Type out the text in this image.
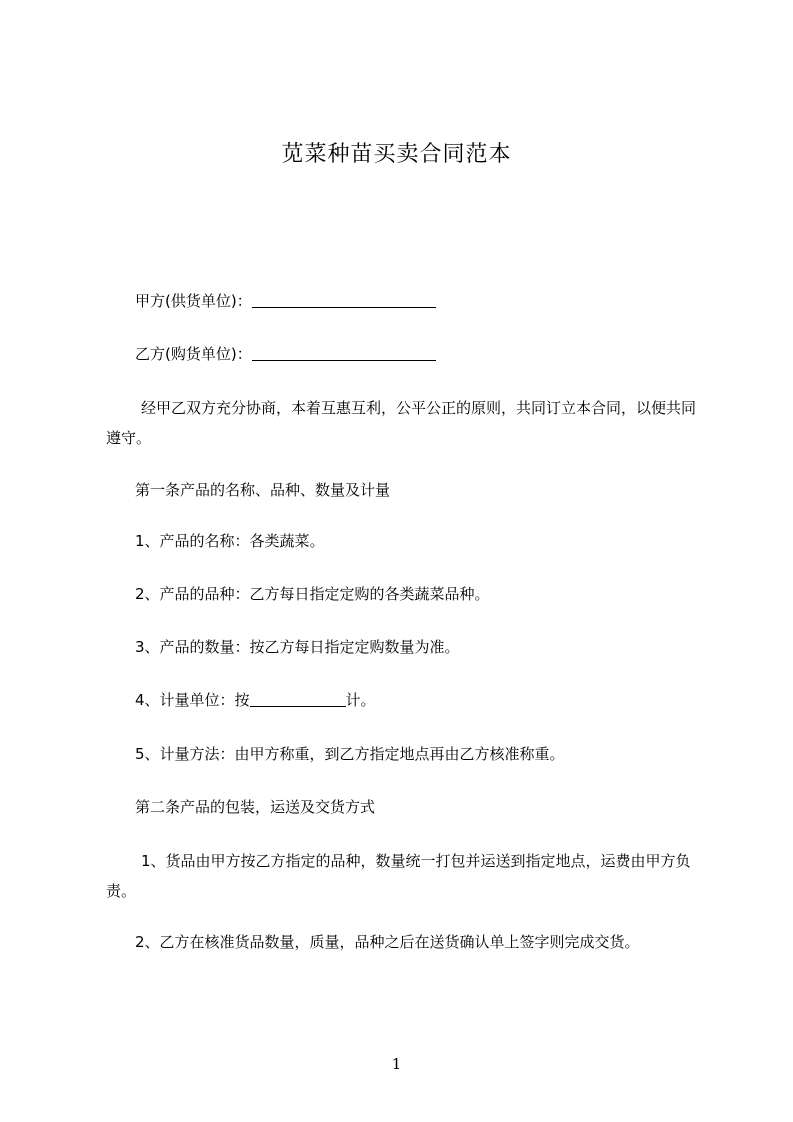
苋菜种苗买卖合同范本
甲方(供货单位)：
乙方(购货单位)：
经甲乙双方充分协商，本着互惠互利，公平公正的原则，共同订立本合同，以便共同遵守。
第一条产品的名称、品种、数量及计量
1、产品的名称：各类蔬菜。
2、产品的品种：乙方每日指定定购的各类蔬菜品种。
3、产品的数量：按乙方每日指定定购数量为准。
4、计量单位：按	计。
5、计量方法：由甲方称重，到乙方指定地点再由乙方核准称重。
第二条产品的包装，运送及交货方式
1、货品由甲方按乙方指定的品种，数量统一打包并运送到指定地点，运费由甲方负责。
2、乙方在核准货品数量，质量，品种之后在送货确认单上签字则完成交货。
1
